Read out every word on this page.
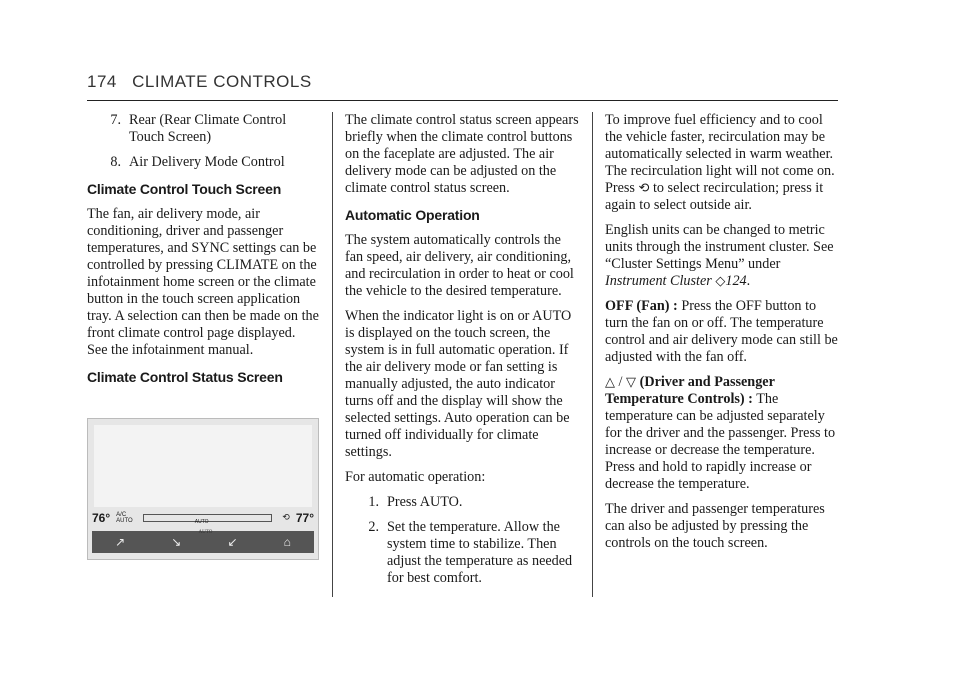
174 CLIMATE CONTROLS
7. Rear (Rear Climate Control Touch Screen)
8. Air Delivery Mode Control
Climate Control Touch Screen

The fan, air delivery mode, air conditioning, driver and passenger temperatures, and SYNC settings can be controlled by pressing CLIMATE on the infotainment home screen or the climate button in the touch screen application tray. A selection can then be made on the front climate control page displayed. See the infotainment manual.

Climate Control Status Screen
76° A/C
AUTO	AUTO	⟲ 77°
AUTO
↗	↘	↙	⌂

The climate control status screen appears briefly when the climate control buttons on the faceplate are adjusted. The air delivery mode can be adjusted on the climate control status screen.

Automatic Operation

The system automatically controls the fan speed, air delivery, air conditioning, and recirculation in order to heat or cool the vehicle to the desired temperature.

When the indicator light is on or AUTO is displayed on the touch screen, the system is in full automatic operation. If the air delivery mode or fan setting is manually adjusted, the auto indicator turns off and the display will show the selected settings. Auto operation can be turned off individually for climate settings.

For automatic operation:

1. Press AUTO.
2. Set the temperature. Allow the system time to stabilize. Then adjust the temperature as needed for best comfort.

To improve fuel efficiency and to cool the vehicle faster, recirculation may be automatically selected in warm weather. The recirculation light will not come on. Press ⟲ to select recirculation; press it again to select outside air.

English units can be changed to metric units through the instrument cluster. See “Cluster Settings Menu” under Instrument Cluster ◇124.

OFF (Fan) : Press the OFF button to turn the fan on or off. The temperature control and air delivery mode can still be adjusted with the fan off.

△ / ▽ (Driver and Passenger Temperature Controls) : The temperature can be adjusted separately for the driver and the passenger. Press to increase or decrease the temperature. Press and hold to rapidly increase or decrease the temperature.

The driver and passenger temperatures can also be adjusted by pressing the controls on the touch screen.
